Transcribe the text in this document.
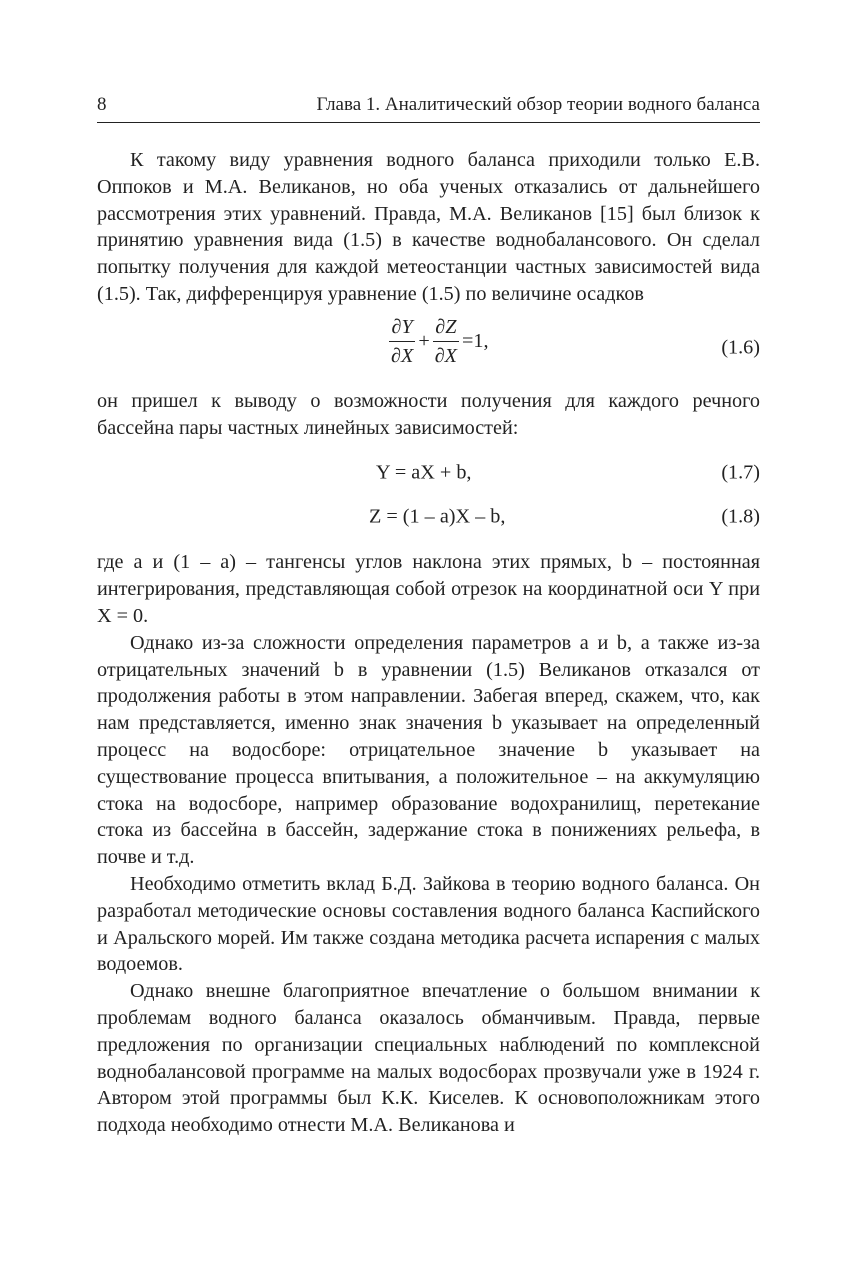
8	Глава 1. Аналитический обзор теории водного баланса

К такому виду уравнения водного баланса приходили только Е.В. Оппоков и М.А. Великанов, но оба ученых отказались от дальнейшего рассмотрения этих уравнений. Правда, М.А. Великанов [15] был близок к принятию уравнения вида (1.5) в качестве воднобалансового. Он сделал попытку получения для каждой метеостанции частных зависимостей вида (1.5). Так, дифференцируя уравнение (1.5) по величине осадков

$\frac{\partial Y}{\partial X} + \frac{\partial Z}{\partial X} =1$,	(1.6)

он пришел к выводу о возможности получения для каждого речного бассейна пары частных линейных зависимостей:

Y = aX + b,	(1.7)
Z = (1 – a)X – b,	(1.8)

где a и (1 – a) – тангенсы углов наклона этих прямых, b – постоянная интегрирования, представляющая собой отрезок на координатной оси Y при X = 0.

Однако из-за сложности определения параметров a и b, а также из-за отрицательных значений b в уравнении (1.5) Великанов отказался от продолжения работы в этом направлении. Забегая вперед, скажем, что, как нам представляется, именно знак значения b указывает на определенный процесс на водосборе: отрицательное значение b указывает на существование процесса впитывания, а положительное – на аккумуляцию стока на водосборе, например образование водохранилищ, перетекание стока из бассейна в бассейн, задержание стока в понижениях рельефа, в почве и т.д.

Необходимо отметить вклад Б.Д. Зайкова в теорию водного баланса. Он разработал методические основы составления водного баланса Каспийского и Аральского морей. Им также создана методика расчета испарения с малых водоемов.

Однако внешне благоприятное впечатление о большом внимании к проблемам водного баланса оказалось обманчивым. Правда, первые предложения по организации специальных наблюдений по комплексной воднобалансовой программе на малых водосборах прозвучали уже в 1924 г. Автором этой программы был К.К. Киселев. К основоположникам этого подхода необходимо отнести М.А. Великанова и
